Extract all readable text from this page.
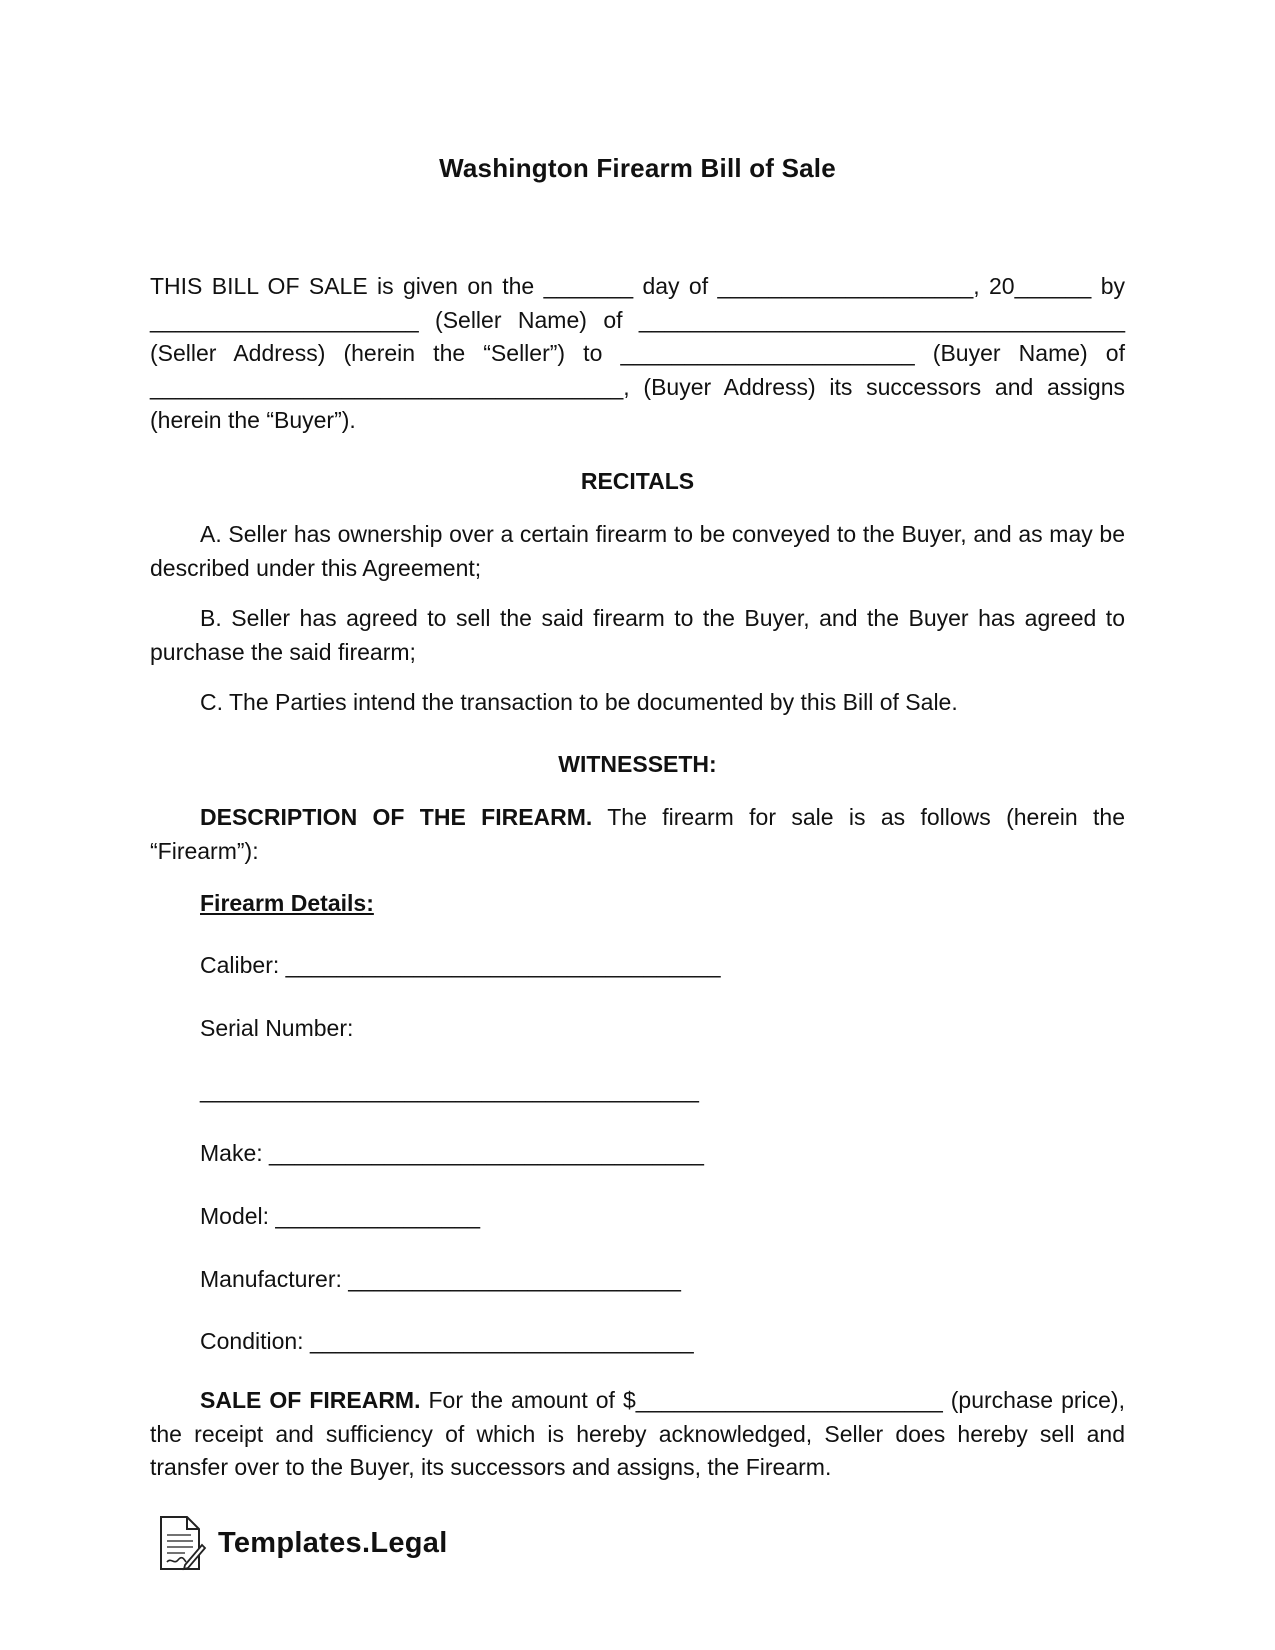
Washington Firearm Bill of Sale

THIS BILL OF SALE is given on the _______ day of ____________________, 20______ by _____________________ (Seller Name) of ______________________________________ (Seller Address) (herein the “Seller”) to _______________________ (Buyer Name) of _____________________________________, (Buyer Address) its successors and assigns (herein the “Buyer”).

RECITALS

A. Seller has ownership over a certain firearm to be conveyed to the Buyer, and as may be described under this Agreement;

B. Seller has agreed to sell the said firearm to the Buyer, and the Buyer has agreed to purchase the said firearm;

C. The Parties intend the transaction to be documented by this Bill of Sale.

WITNESSETH:

DESCRIPTION OF THE FIREARM. The firearm for sale is as follows (herein the “Firearm”):

Firearm Details:
Caliber: __________________________________
Serial Number:
_______________________________________
Make: __________________________________
Model: ________________
Manufacturer: __________________________
Condition: ______________________________

SALE OF FIREARM. For the amount of $________________________ (purchase price), the receipt and sufficiency of which is hereby acknowledged, Seller does hereby sell and transfer over to the Buyer, its successors and assigns, the Firearm.

Templates.Legal
